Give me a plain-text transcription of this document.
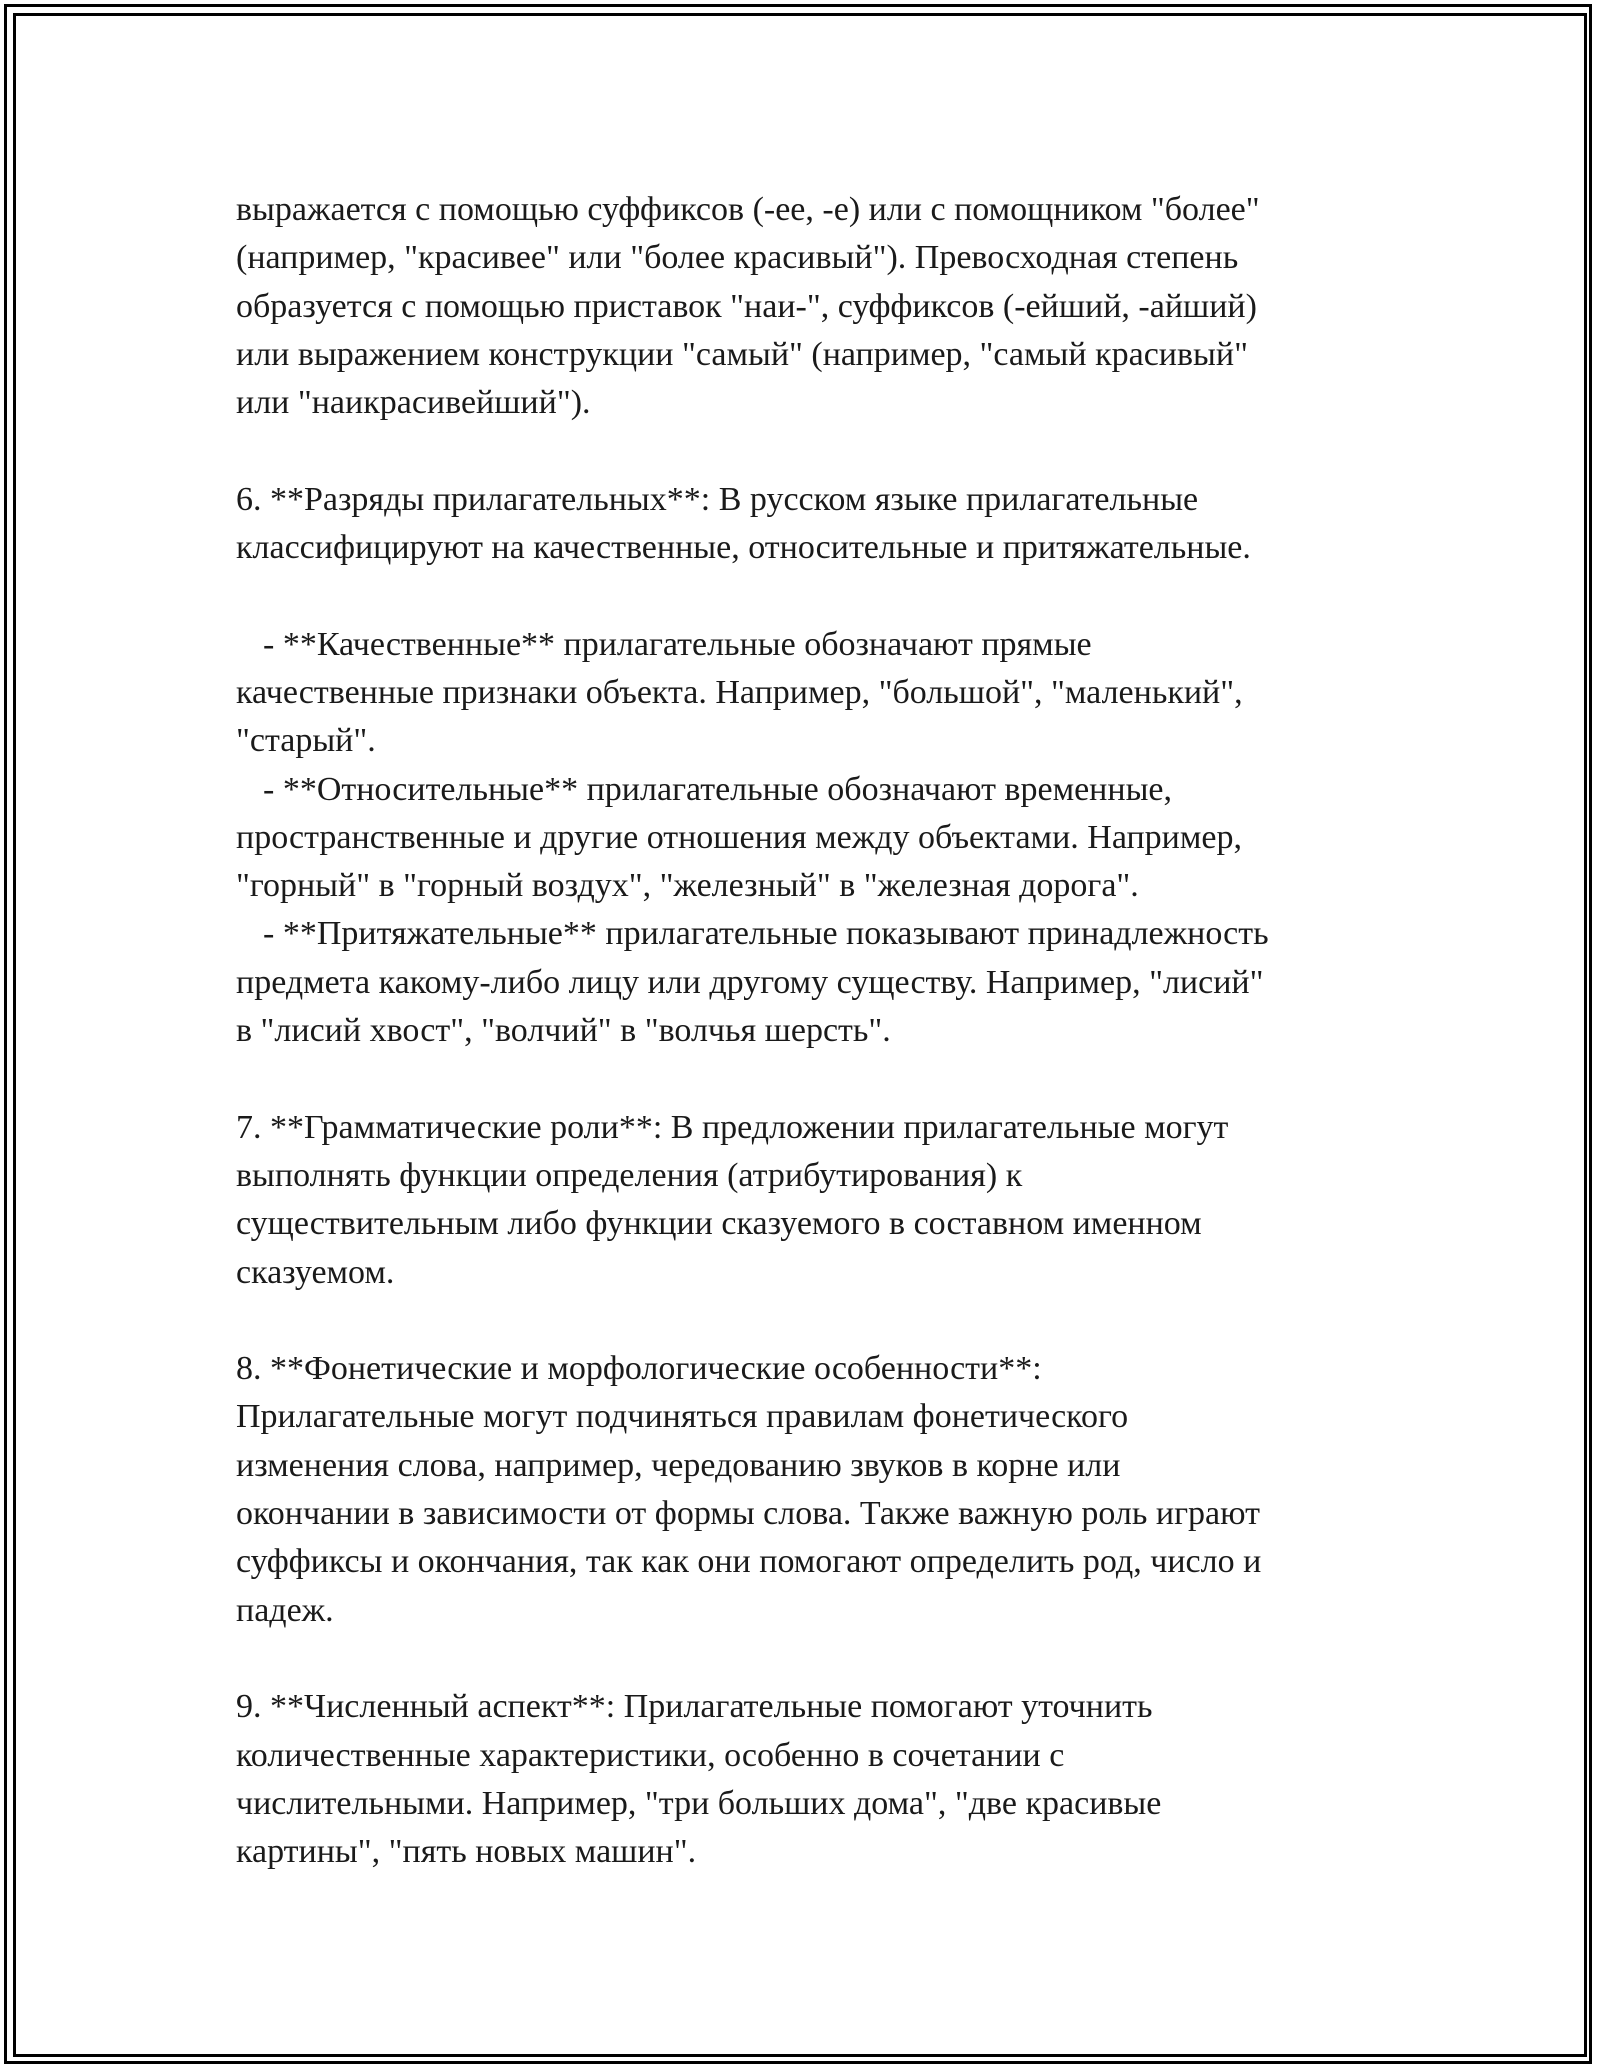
выражается с помощью суффиксов (-ее, -е) или с помощником "более"
(например, "красивее" или "более красивый"). Превосходная степень
образуется с помощью приставок "наи-", суффиксов (-ейший, -айший)
или выражением конструкции "самый" (например, "самый красивый"
или "наикрасивейший").
6. **Разряды прилагательных**: В русском языке прилагательные
классифицируют на качественные, относительные и притяжательные.
- **Качественные** прилагательные обозначают прямые
качественные признаки объекта. Например, "большой", "маленький",
"старый".
- **Относительные** прилагательные обозначают временные,
пространственные и другие отношения между объектами. Например,
"горный" в "горный воздух", "железный" в "железная дорога".
- **Притяжательные** прилагательные показывают принадлежность
предмета какому-либо лицу или другому существу. Например, "лисий"
в "лисий хвост", "волчий" в "волчья шерсть".
7. **Грамматические роли**: В предложении прилагательные могут
выполнять функции определения (атрибутирования) к
существительным либо функции сказуемого в составном именном
сказуемом.
8. **Фонетические и морфологические особенности**:
Прилагательные могут подчиняться правилам фонетического
изменения слова, например, чередованию звуков в корне или
окончании в зависимости от формы слова. Также важную роль играют
суффиксы и окончания, так как они помогают определить род, число и
падеж.
9. **Численный аспект**: Прилагательные помогают уточнить
количественные характеристики, особенно в сочетании с
числительными. Например, "три больших дома", "две красивые
картины", "пять новых машин".
